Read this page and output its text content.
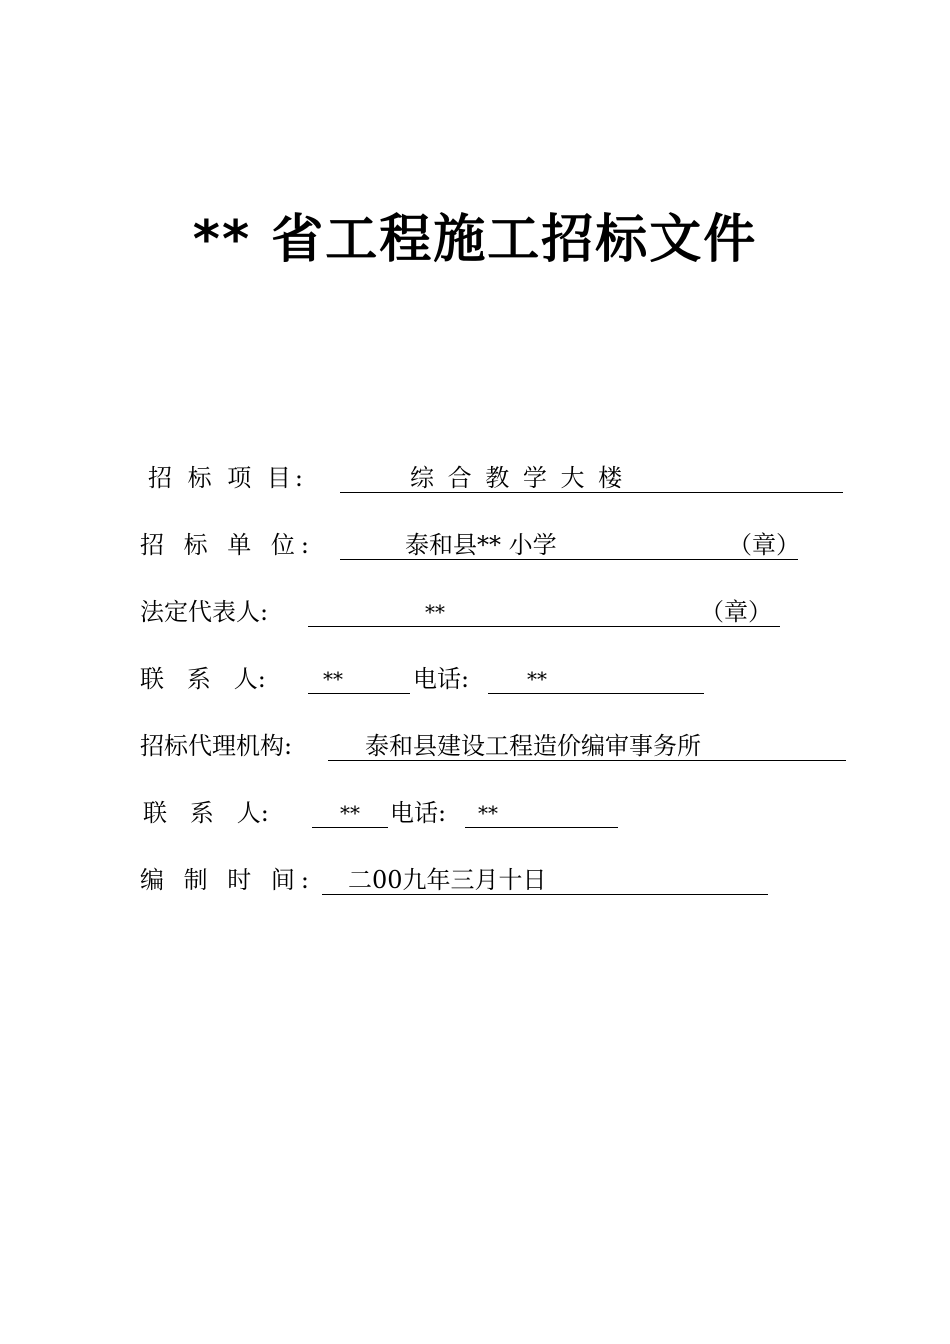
** 省工程施工招标文件
招 标 项 目:	综 合 教 学 大 楼
招 标 单 位:	泰和县** 小学	（章）
法定代表人:	**	（章）
联   系   人:	**	电话:	**
招标代理机构:	泰和县建设工程造价编审事务所
联   系   人:	** 电话: **
编 制 时 间: 二00九年三月十日
